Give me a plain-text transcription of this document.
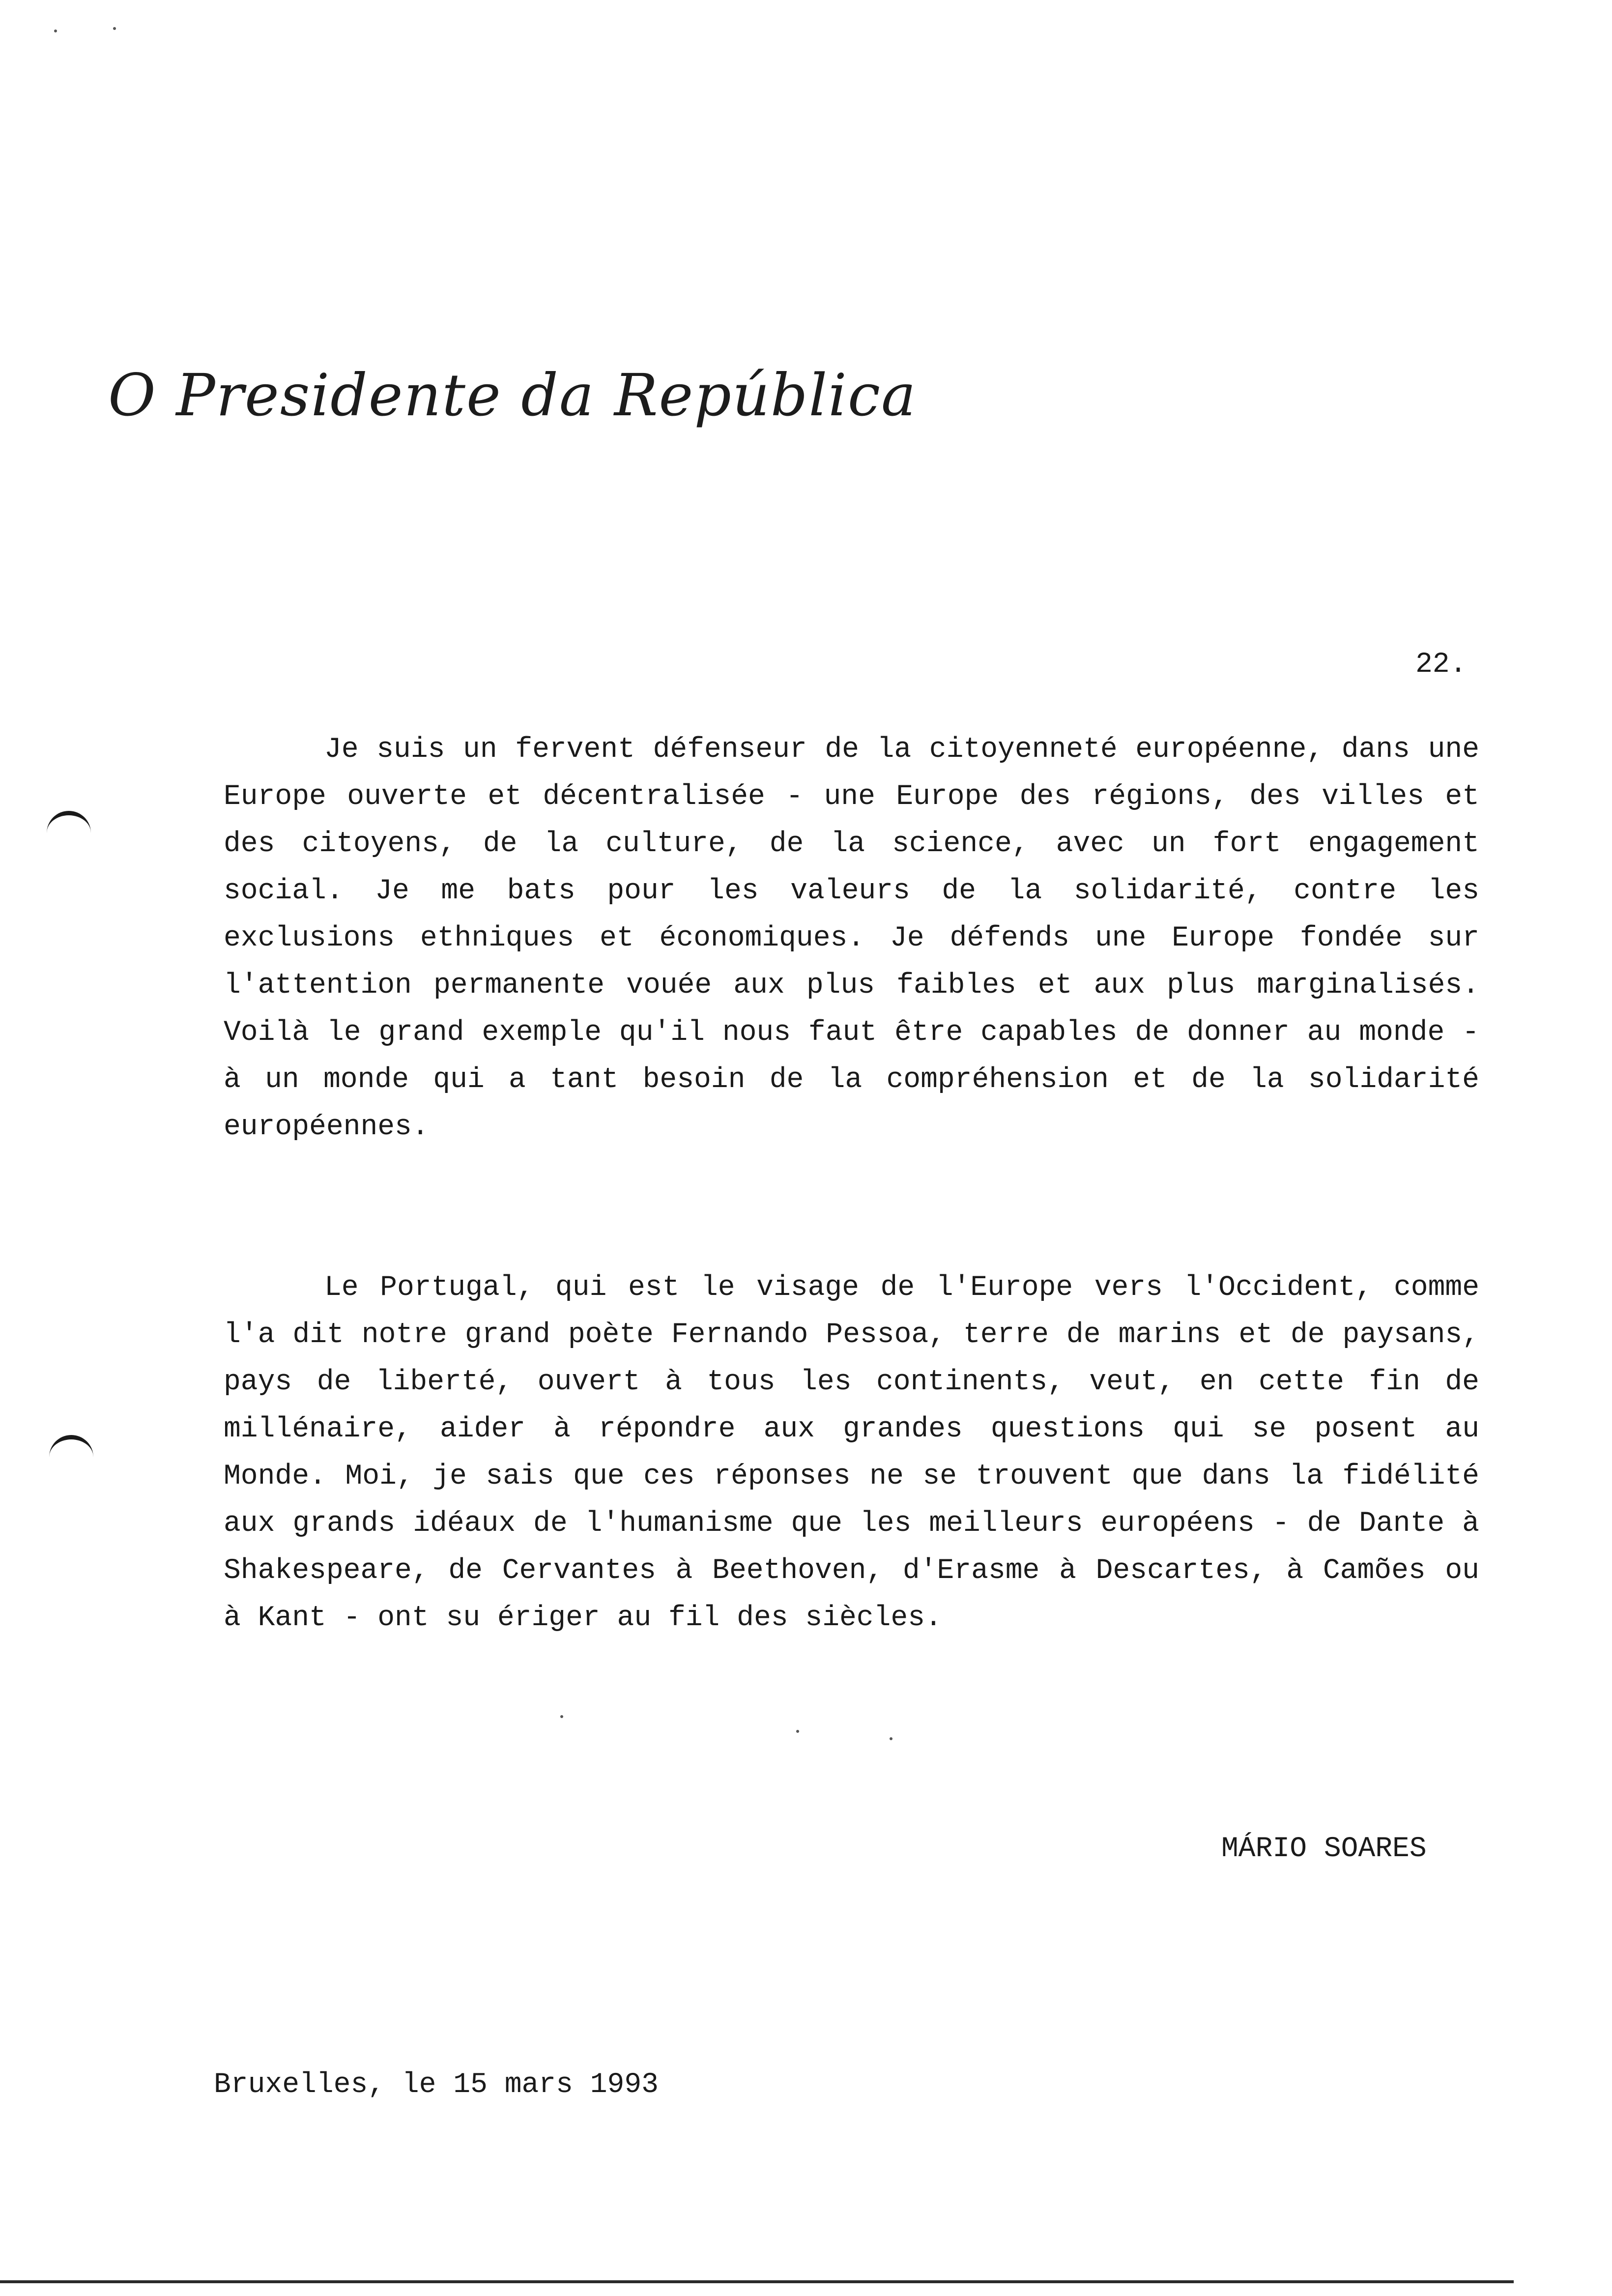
O Presidente da República
22.

Je suis un fervent défenseur de la citoyenneté européenne, dans une Europe ouverte et décentralisée - une Europe des régions, des villes et des citoyens, de la culture, de la science, avec un fort engagement social. Je me bats pour les valeurs de la solidarité, contre les exclusions ethniques et économiques. Je défends une Europe fondée sur l'attention permanente vouée aux plus faibles et aux plus marginalisés. Voilà le grand exemple qu'il nous faut être capables de donner au monde - à un monde qui a tant besoin de la compréhension et de la solidarité européennes.

Le Portugal, qui est le visage de l'Europe vers l'Occident, comme l'a dit notre grand poète Fernando Pessoa, terre de marins et de paysans, pays de liberté, ouvert à tous les continents, veut, en cette fin de millénaire, aider à répondre aux grandes questions qui se posent au Monde. Moi, je sais que ces réponses ne se trouvent que dans la fidélité aux grands idéaux de l'humanisme que les meilleurs européens - de Dante à Shakespeare, de Cervantes à Beethoven, d'Erasme à Descartes, à Camões ou à Kant - ont su ériger au fil des siècles.

MÁRIO SOARES
Bruxelles, le 15 mars 1993
